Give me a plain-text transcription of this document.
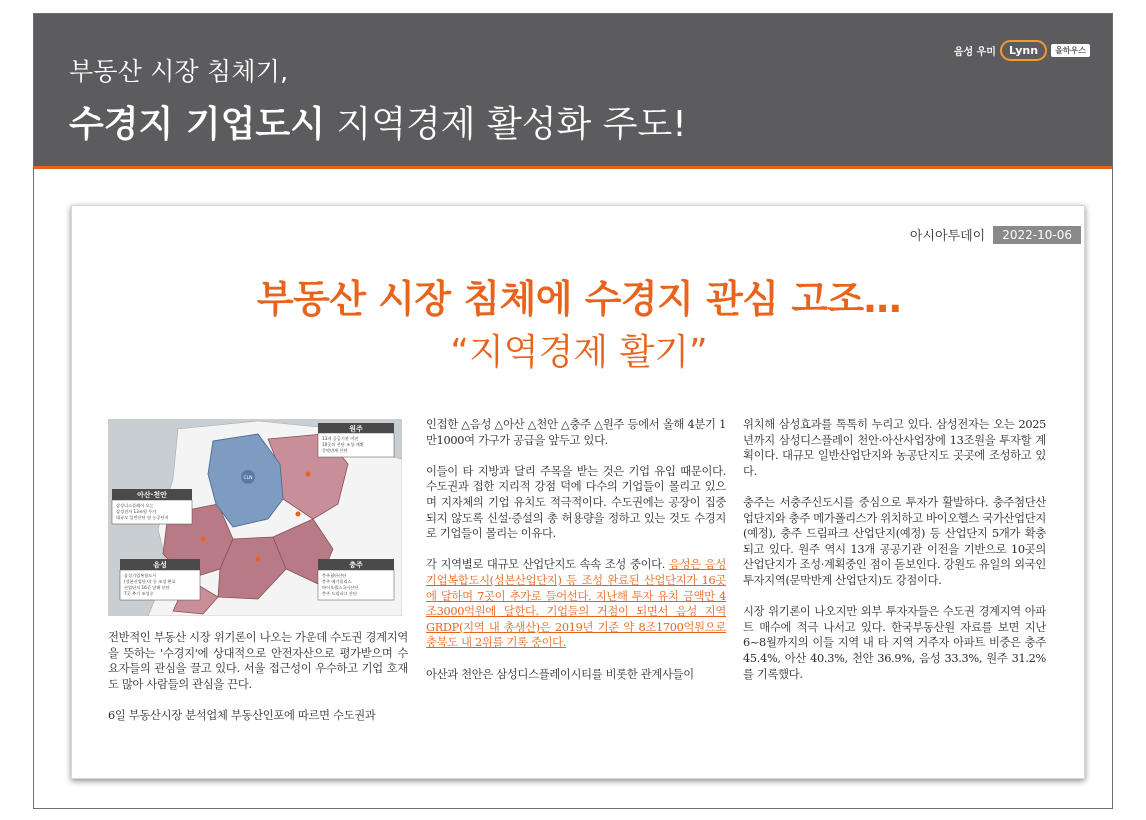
부동산 시장 침체기,
수경지 기업도시 지역경제 활성화 주도!
음성 우미	Lynn	올하우스
아시아투데이	2022-10-06
부동산 시장 침체에 수경지 관심 고조…
“지역경제 활기”
CLN
원주
13개 공공기관 이전
10곳의 산단 조성·계획
문막반계 산단
아산·천안
삼성디스플레이 오는
삼성전자 13조원 투자
대규모 일반산단 및 농공단지
음성
음성기업복합도시
(성본산업단지) 등 조성 완료
산업단지 16곳 달해 산단
7곳 추가 조성중
충주
충주첨단산단
충주 메가폴리스
바이오헬스국가산단
충주 드림파크 산단

전반적인 부동산 시장 위기론이 나오는 가운데 수도권 경계지역을 뜻하는 '수경지'에 상대적으로 안전자산으로 평가받으며 수요자들의 관심을 끌고 있다. 서울 접근성이 우수하고 기업 호재도 많아 사람들의 관심을 끈다.

6일 부동산시장 분석업체 부동산인포에 따르면 수도권과

인접한 △음성 △아산 △천안 △충주 △원주 등에서 올해 4분기 1만1000여 가구가 공급을 앞두고 있다.

이들이 타 지방과 달리 주목을 받는 것은 기업 유입 때문이다. 수도권과 접한 지리적 강점 덕에 다수의 기업들이 몰리고 있으며 지자체의 기업 유치도 적극적이다. 수도권에는 공장이 집중되지 않도록 신설·증설의 총 허용량을 정하고 있는 것도 수경지로 기업들이 몰리는 이유다.

각 지역별로 대규모 산업단지도 속속 조성 중이다. 음성은 음성기업복합도시(성본산업단지) 등 조성 완료된 산업단지가 16곳에 달하며 7곳이 추가로 들어선다. 지난해 투자 유치 금액만 4조3000억원에 달한다. 기업들의 거점이 되면서 음성 지역 GRDP(지역 내 총생산)은 2019년 기준 약 8조1700억원으로 충북도 내 2위를 기록 중이다.

아산과 천안은 삼성디스플레이시티를 비롯한 관계사들이

위치해 삼성효과를 톡톡히 누리고 있다. 삼성전자는 오는 2025년까지 삼성디스플레이 천안·아산사업장에 13조원을 투자할 계획이다. 대규모 일반산업단지와 농공단지도 곳곳에 조성하고 있다.

충주는 서충주신도시를 중심으로 투자가 활발하다. 충주첨단산업단지와 충주 메가폴리스가 위치하고 바이오헬스 국가산업단지(예정), 충주 드림파크 산업단지(예정) 등 산업단지 5개가 확충되고 있다. 원주 역시 13개 공공기관 이전을 기반으로 10곳의 산업단지가 조성·계획중인 점이 돋보인다. 강원도 유일의 외국인 투자지역(문막반계 산업단지)도 강점이다.

시장 위기론이 나오지만 외부 투자자들은 수도권 경계지역 아파트 매수에 적극 나서고 있다. 한국부동산원 자료를 보면 지난 6~8월까지의 이들 지역 내 타 지역 거주자 아파트 비중은 충주 45.4%, 아산 40.3%, 천안 36.9%, 음성 33.3%, 원주 31.2%를 기록했다.
